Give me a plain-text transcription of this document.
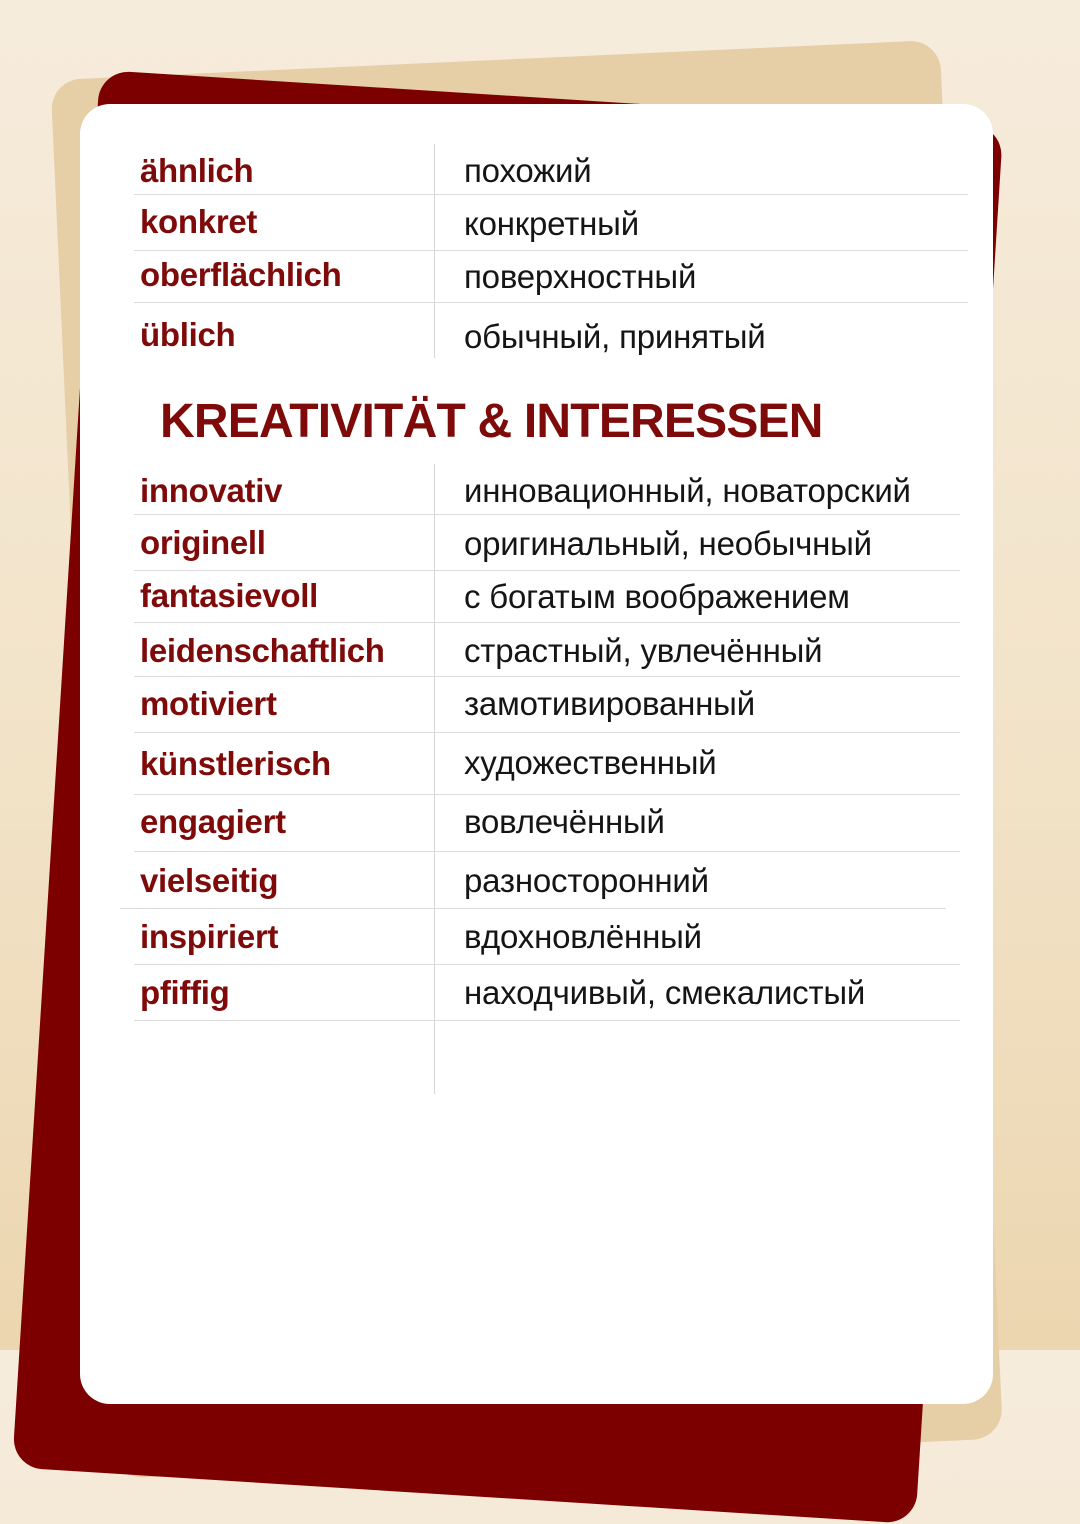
ähnlich	похожий
konkret	конкретный
oberflächlich	поверхностный
üblich	обычный, принятый
KREATIVITÄT & INTERESSEN
innovativ	инновационный, новаторский
originell	оригинальный, необычный
fantasievoll	с богатым воображением
leidenschaftlich страстный, увлечённый
motiviert	замотивированный
künstlerisch	художественный
engagiert	вовлечённый
vielseitig	разносторонний
inspiriert	вдохновлённый
pfiffig	находчивый, смекалистый
